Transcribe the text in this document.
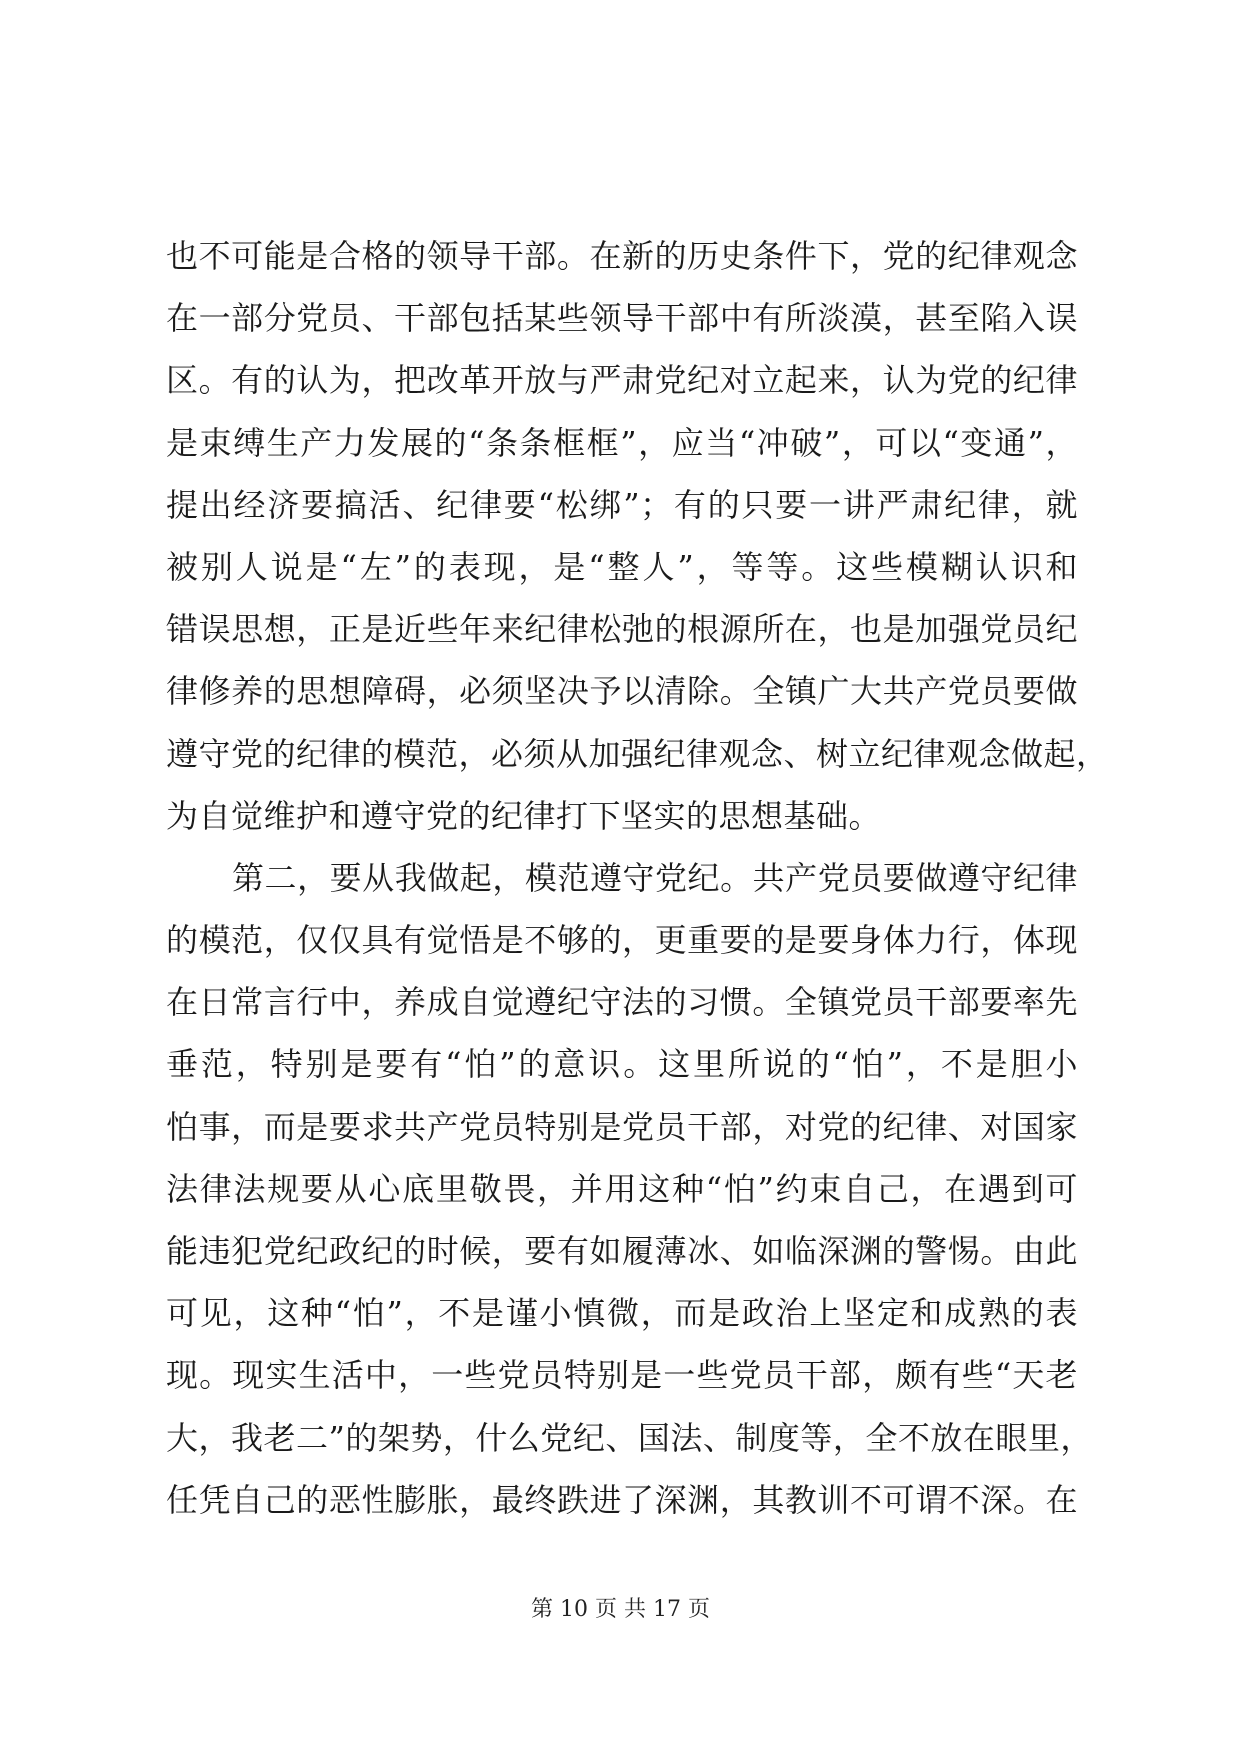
也不可能是合格的领导干部。在新的历史条件下，党的纪律观念
在一部分党员、干部包括某些领导干部中有所淡漠，甚至陷入误
区。有的认为，把改革开放与严肃党纪对立起来，认为党的纪律
是束缚生产力发展的“条条框框”，应当“冲破”，可以“变通”，
提出经济要搞活、纪律要“松绑”；有的只要一讲严肃纪律，就
被别人说是“左”的表现，是“整人”，等等。这些模糊认识和
错误思想，正是近些年来纪律松弛的根源所在，也是加强党员纪
律修养的思想障碍，必须坚决予以清除。全镇广大共产党员要做
遵守党的纪律的模范，必须从加强纪律观念、树立纪律观念做起，
为自觉维护和遵守党的纪律打下坚实的思想基础。
第二，要从我做起，模范遵守党纪。共产党员要做遵守纪律
的模范，仅仅具有觉悟是不够的，更重要的是要身体力行，体现
在日常言行中，养成自觉遵纪守法的习惯。全镇党员干部要率先
垂范，特别是要有“怕”的意识。这里所说的“怕”，不是胆小
怕事，而是要求共产党员特别是党员干部，对党的纪律、对国家
法律法规要从心底里敬畏，并用这种“怕”约束自己，在遇到可
能违犯党纪政纪的时候，要有如履薄冰、如临深渊的警惕。由此
可见，这种“怕”，不是谨小慎微，而是政治上坚定和成熟的表
现。现实生活中，一些党员特别是一些党员干部，颇有些“天老
大，我老二”的架势，什么党纪、国法、制度等，全不放在眼里，
任凭自己的恶性膨胀，最终跌进了深渊，其教训不可谓不深。在
第 10 页 共 17 页
